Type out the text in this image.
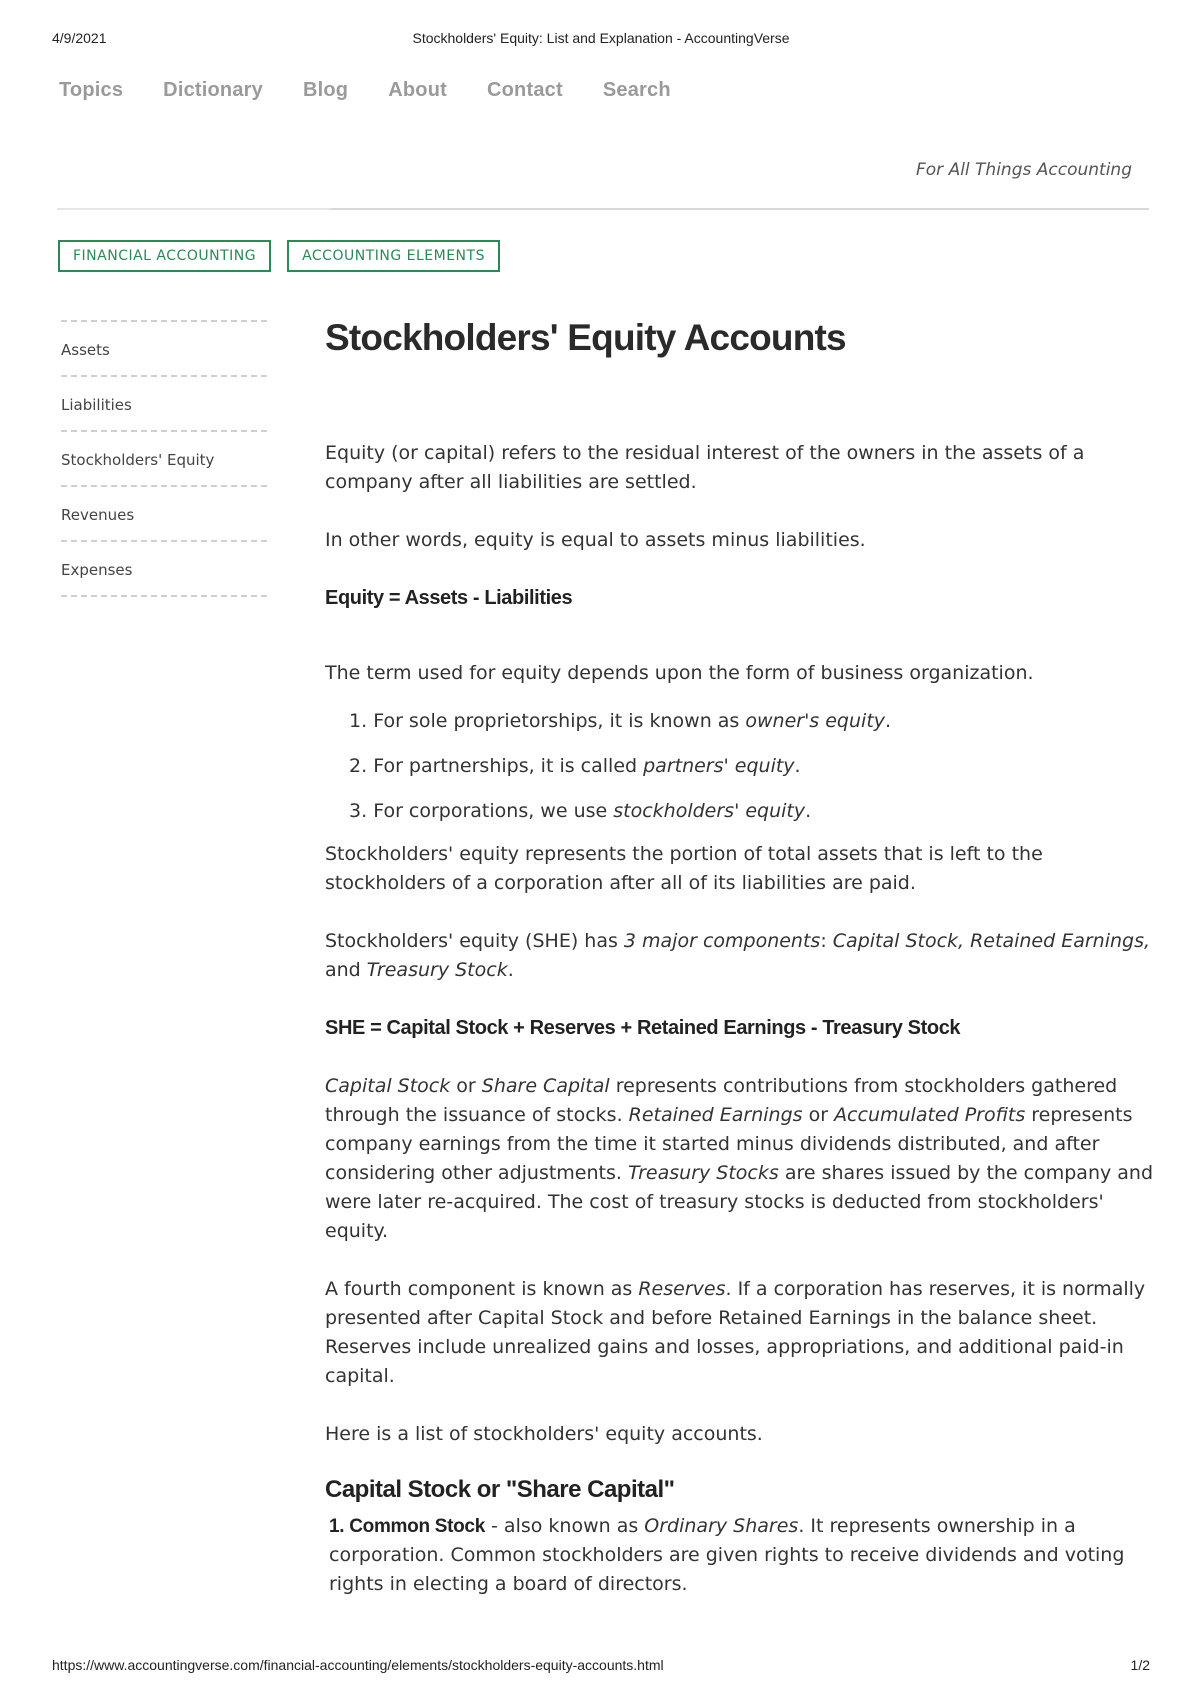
4/9/2021	Stockholders' Equity: List and Explanation - AccountingVerse
Topics Dictionary Blog About Contact Search
For All Things Accounting
FINANCIAL ACCOUNTING	ACCOUNTING ELEMENTS
Assets
Liabilities
Stockholders' Equity
Revenues
Expenses
Stockholders' Equity Accounts

Equity (or capital) refers to the residual interest of the owners in the assets of a company after all liabilities are settled.

In other words, equity is equal to assets minus liabilities.

Equity = Assets - Liabilities

The term used for equity depends upon the form of business organization.

1. For sole proprietorships, it is known as owner's equity.
2. For partnerships, it is called partners' equity.
3. For corporations, we use stockholders' equity.

Stockholders' equity represents the portion of total assets that is left to the stockholders of a corporation after all of its liabilities are paid.

Stockholders' equity (SHE) has 3 major components: Capital Stock, Retained Earnings, and Treasury Stock.

SHE = Capital Stock + Reserves + Retained Earnings - Treasury Stock

Capital Stock or Share Capital represents contributions from stockholders gathered through the issuance of stocks. Retained Earnings or Accumulated Profits represents company earnings from the time it started minus dividends distributed, and after considering other adjustments. Treasury Stocks are shares issued by the company and were later re-acquired. The cost of treasury stocks is deducted from stockholders' equity.

A fourth component is known as Reserves. If a corporation has reserves, it is normally presented after Capital Stock and before Retained Earnings in the balance sheet. Reserves include unrealized gains and losses, appropriations, and additional paid-in capital.

Here is a list of stockholders' equity accounts.

Capital Stock or "Share Capital"

1. Common Stock - also known as Ordinary Shares. It represents ownership in a corporation. Common stockholders are given rights to receive dividends and voting rights in electing a board of directors.

https://www.accountingverse.com/financial-accounting/elements/stockholders-equity-accounts.html	1/2
